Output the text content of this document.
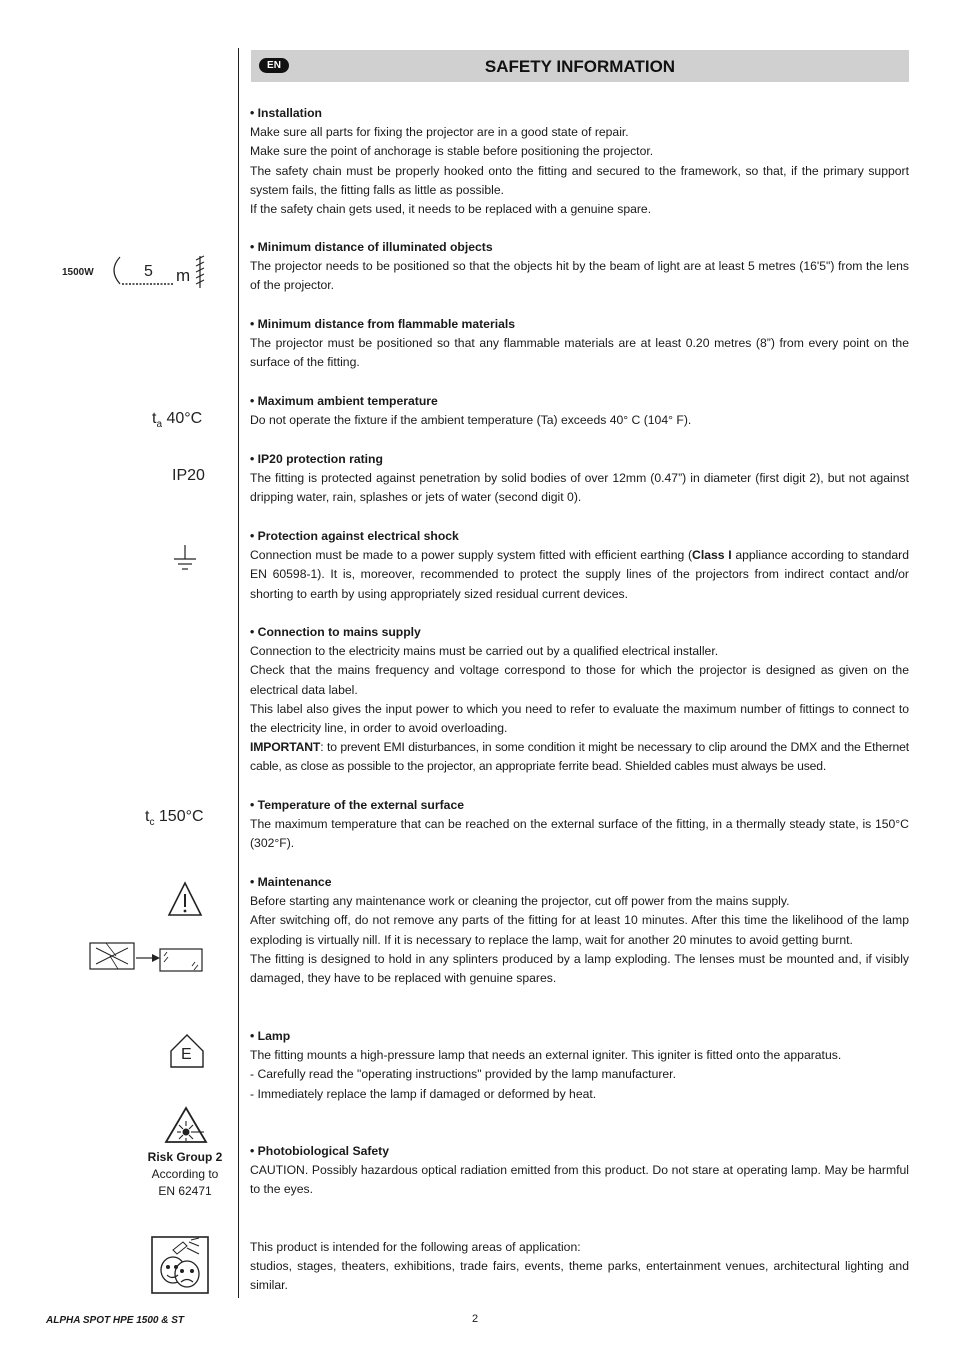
EN	SAFETY INFORMATION
1500W	5 m
$t_a$ 40°C
IP20
$t_c$ 150°C
E
Risk Group 2
According to
EN 62471

• Installation

Make sure all parts for fixing the projector are in a good state of repair.

Make sure the point of anchorage is stable before positioning the projector.

The safety chain must be properly hooked onto the fitting and secured to the framework, so that, if the primary support system fails, the fitting falls as little as possible.

If the safety chain gets used, it needs to be replaced with a genuine spare.

• Minimum distance of illuminated objects

The projector needs to be positioned so that the objects hit by the beam of light are at least 5 metres (16'5") from the lens of the projector.

• Minimum distance from flammable materials

The projector must be positioned so that any flammable materials are at least 0.20 metres (8”) from every point on the surface of the fitting.

• Maximum ambient temperature

Do not operate the fixture if the ambient temperature (Ta) exceeds 40° C (104° F).

• IP20 protection rating

The fitting is protected against penetration by solid bodies of over 12mm (0.47”) in diameter (first digit 2), but not against dripping water, rain, splashes or jets of water (second digit 0).

• Protection against electrical shock

Connection must be made to a power supply system fitted with efficient earthing (Class I appliance according to standard EN 60598-1). It is, moreover, recommended to protect the supply lines of the projectors from indirect contact and/or shorting to earth by using appropriately sized residual current devices.

• Connection to mains supply

Connection to the electricity mains must be carried out by a qualified electrical installer.

Check that the mains frequency and voltage correspond to those for which the projector is designed as given on the electrical data label.

This label also gives the input power to which you need to refer to evaluate the maximum number of fittings to connect to the electricity line, in order to avoid overloading.

IMPORTANT: to prevent EMI disturbances, in some condition it might be necessary to clip around the DMX and the Ethernet cable, as close as possible to the projector, an appropriate ferrite bead. Shielded cables must always be used.

• Temperature of the external surface

The maximum temperature that can be reached on the external surface of the fitting, in a thermally steady state, is 150°C (302°F).

• Maintenance

Before starting any maintenance work or cleaning the projector, cut off power from the mains supply.

After switching off, do not remove any parts of the fitting for at least 10 minutes. After this time the likelihood of the lamp exploding is virtually nill. If it is necessary to replace the lamp, wait for another 20 minutes to avoid getting burnt.

The fitting is designed to hold in any splinters produced by a lamp exploding. The lenses must be mounted and, if visibly damaged, they have to be replaced with genuine spares.

• Lamp

The fitting mounts a high-pressure lamp that needs an external igniter. This igniter is fitted onto the apparatus.

- Carefully read the "operating instructions" provided by the lamp manufacturer.

- Immediately replace the lamp if damaged or deformed by heat.

• Photobiological Safety

CAUTION. Possibly hazardous optical radiation emitted from this product. Do not stare at operating lamp. May be harmful to the eyes.

This product is intended for the following areas of application:

studios, stages, theaters, exhibitions, trade fairs, events, theme parks, entertainment venues, architectural lighting and similar.

ALPHA SPOT HPE 1500 & ST	2
